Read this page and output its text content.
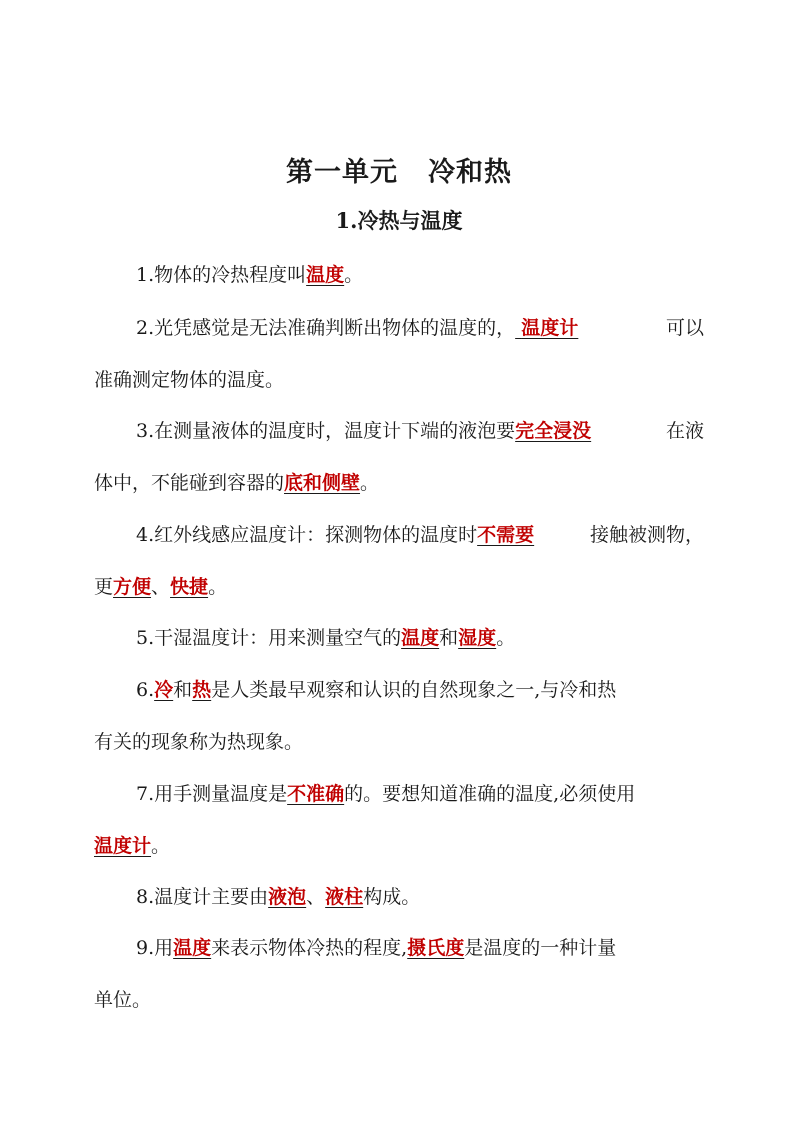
第一单元 冷和热
1.冷热与温度
1.物体的冷热程度叫温度。
2.光凭感觉是无法准确判断出物体的温度的， 温度计	可以
准确测定物体的温度。
3.在测量液体的温度时，温度计下端的液泡要完全浸没	在液
体中，不能碰到容器的底和侧壁。
4.红外线感应温度计：探测物体的温度时不需要	接触被测物，
更方便、快捷。
5.干湿温度计：用来测量空气的温度和湿度。
6.冷和热是人类最早观察和认识的自然现象之一,与冷和热
有关的现象称为热现象。
7.用手测量温度是不准确的。要想知道准确的温度,必须使用
温度计。
8.温度计主要由液泡、液柱构成。
9.用温度来表示物体冷热的程度,摄氏度是温度的一种计量
单位。
